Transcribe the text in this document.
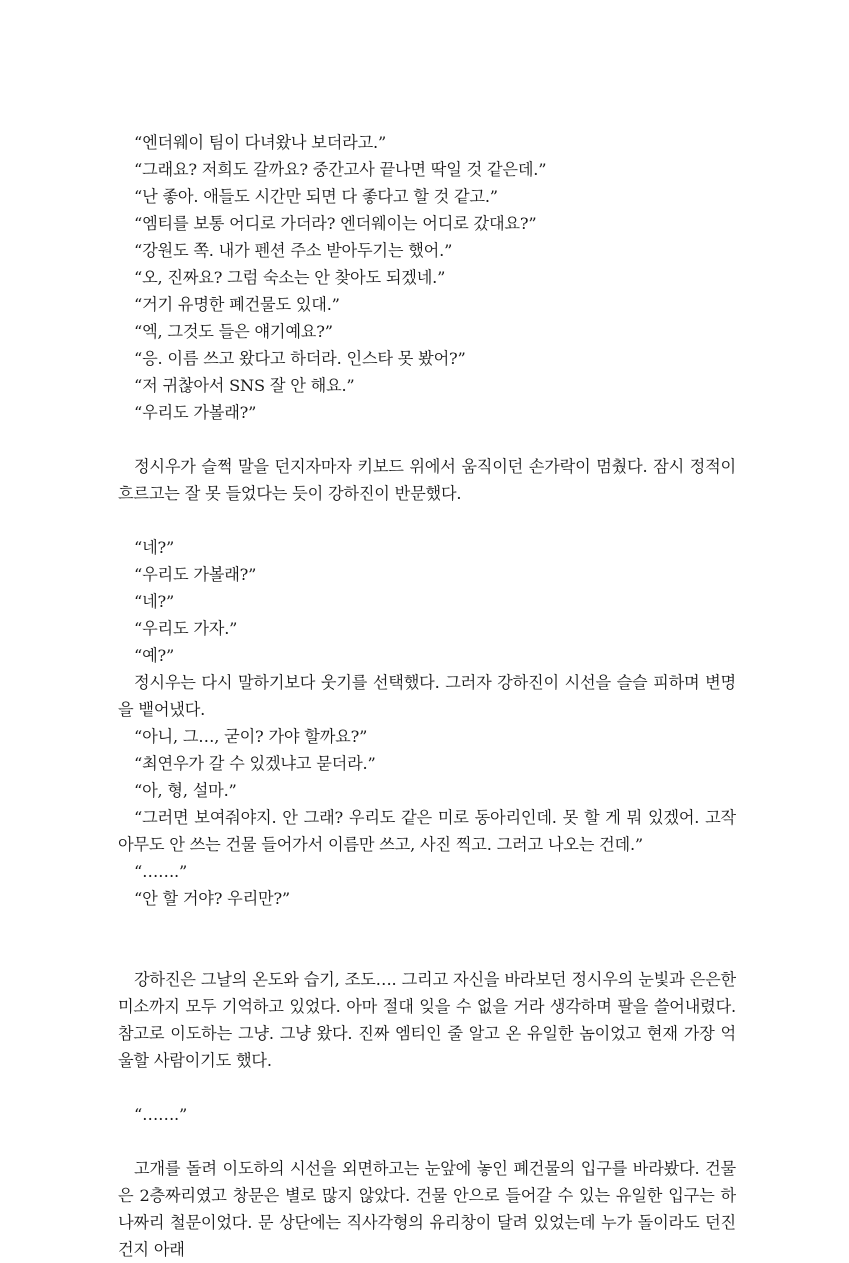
“엔더웨이 팀이 다녀왔나 보더라고.”
“그래요? 저희도 갈까요? 중간고사 끝나면 딱일 것 같은데.”
“난 좋아. 애들도 시간만 되면 다 좋다고 할 것 같고.”
“엠티를 보통 어디로 가더라? 엔더웨이는 어디로 갔대요?”
“강원도 쪽. 내가 펜션 주소 받아두기는 했어.”
“오, 진짜요? 그럼 숙소는 안 찾아도 되겠네.”
“거기 유명한 폐건물도 있대.”
“엑, 그것도 들은 얘기예요?”
“응. 이름 쓰고 왔다고 하더라. 인스타 못 봤어?”
“저 귀찮아서 SNS 잘 안 해요.”
“우리도 가볼래?”

정시우가 슬쩍 말을 던지자마자 키보드 위에서 움직이던 손가락이 멈췄다. 잠시 정적이 흐르고는 잘 못 들었다는 듯이 강하진이 반문했다.

“네?”
“우리도 가볼래?”
“네?”
“우리도 가자.”
“예?”

정시우는 다시 말하기보다 웃기를 선택했다. 그러자 강하진이 시선을 슬슬 피하며 변명을 뱉어냈다.

“아니, 그…, 굳이? 가야 할까요?”
“최연우가 갈 수 있겠냐고 묻더라.”
“아, 형, 설마.”

“그러면 보여줘야지. 안 그래? 우리도 같은 미로 동아리인데. 못 할 게 뭐 있겠어. 고작 아무도 안 쓰는 건물 들어가서 이름만 쓰고, 사진 찍고. 그러고 나오는 건데.”

“…….”
“안 할 거야? 우리만?”

강하진은 그날의 온도와 습기, 조도…. 그리고 자신을 바라보던 정시우의 눈빛과 은은한 미소까지 모두 기억하고 있었다. 아마 절대 잊을 수 없을 거라 생각하며 팔을 쓸어내렸다. 참고로 이도하는 그냥. 그냥 왔다. 진짜 엠티인 줄 알고 온 유일한 놈이었고 현재 가장 억울할 사람이기도 했다.

“…….”

고개를 돌려 이도하의 시선을 외면하고는 눈앞에 놓인 폐건물의 입구를 바라봤다. 건물은 2층짜리였고 창문은 별로 많지 않았다. 건물 안으로 들어갈 수 있는 유일한 입구는 하나짜리 철문이었다. 문 상단에는 직사각형의 유리창이 달려 있었는데 누가 돌이라도 던진 건지 아래
